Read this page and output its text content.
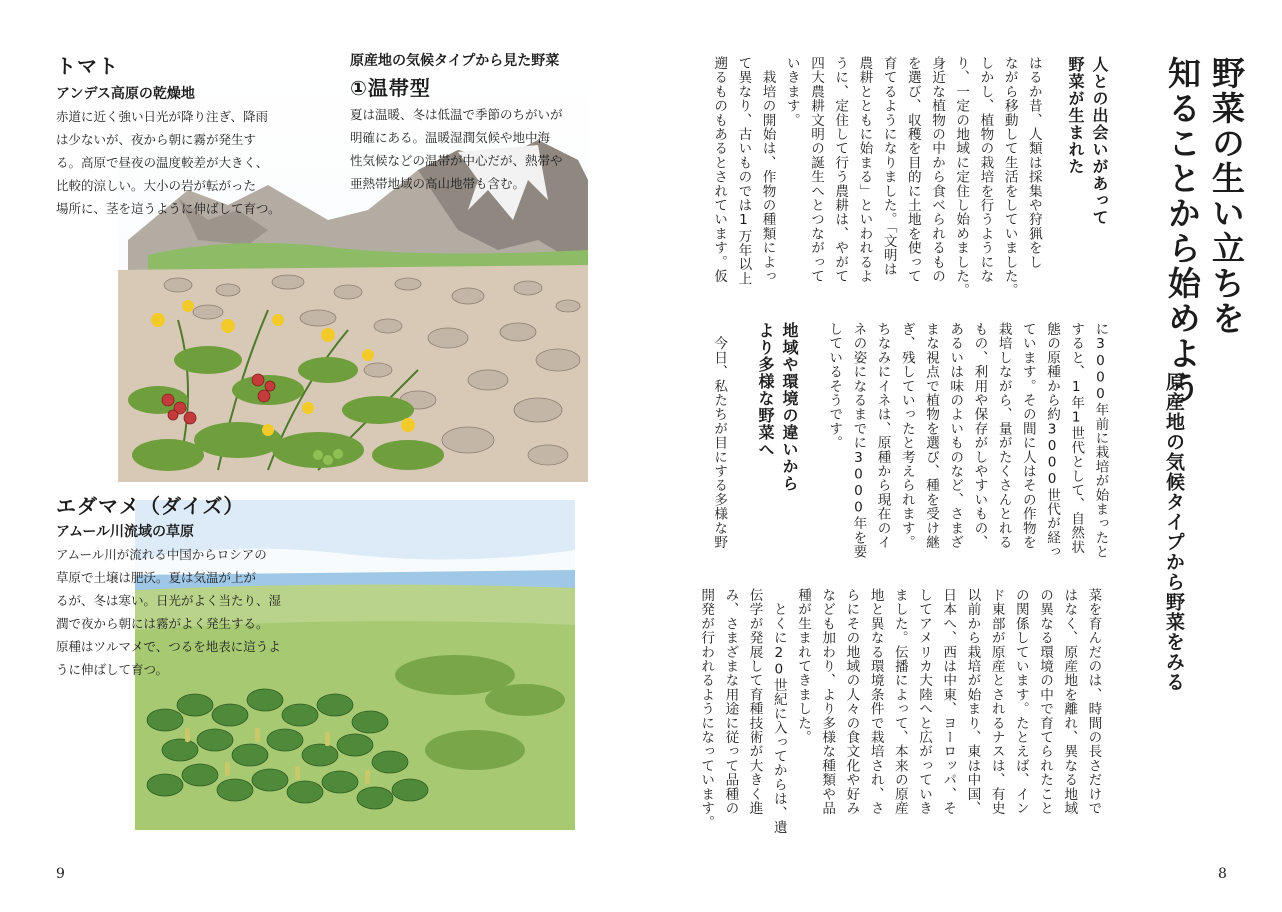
トマト
アンデス高原の乾燥地
赤道に近く強い日光が降り注ぎ、降雨
は少ないが、夜から朝に霧が発生す
る。高原で昼夜の温度較差が大きく、
比較的涼しい。大小の岩が転がった
場所に、茎を這うように伸ばして育つ。
原産地の気候タイプから見た野菜
①温帯型
夏は温暖、冬は低温で季節のちがいが
明確にある。温暖湿潤気候や地中海
性気候などの温帯が中心だが、熱帯や
亜熱帯地域の高山地帯も含む。
エダマメ（ダイズ）
アムール川流域の草原
アムール川が流れる中国からロシアの
草原で土壌は肥沃。夏は気温が上が
るが、冬は寒い。日光がよく当たり、湿
潤で夜から朝には霧がよく発生する。
原種はツルマメで、つるを地表に這うよ
うに伸ばして育つ。
9
野菜の生い立ちを
知ることから始めよう
原産地の気候タイプから野菜をみる
人との出会いがあって
野菜が生まれた
はるか昔、人類は採集や狩猟をし
ながら移動して生活をしていました。
しかし、植物の栽培を行うようにな
り、一定の地域に定住し始めました。
身近な植物の中から食べられるもの
を選び、収穫を目的に土地を使って
育てるようになりました。「文明は
農耕とともに始まる」といわれるよ
うに、定住して行う農耕は、やがて
四大農耕文明の誕生へとつながって
いきます。
　栽培の開始は、作物の種類によっ
て異なり、古いものでは1万年以上
遡るものもあるとされています。仮
に3000年前に栽培が始まったと
すると、1年1世代として、自然状
態の原種から約3000世代が経っ
ています。その間に人はその作物を
栽培しながら、量がたくさんとれる
もの、利用や保存がしやすいもの、
あるいは味のよいものなど、さまざ
まな視点で植物を選び、種を受け継
ぎ、残していったと考えられます。
ちなみにイネは、原種から現在のイ
ネの姿になるまでに3000年を要
しているそうです。
地域や環境の違いから
より多様な野菜へ
　今日、私たちが目にする多様な野
菜を育んだのは、時間の長さだけで
はなく、原産地を離れ、異なる地域
の異なる環境の中で育てられたこと
の関係しています。たとえば、イン
ド東部が原産とされるナスは、有史
以前から栽培が始まり、東は中国、
日本へ、西は中東、ヨーロッパ、そ
してアメリカ大陸へと広がっていき
ました。伝播によって、本来の原産
地と異なる環境条件で栽培され、さ
らにその地域の人々の食文化や好み
なども加わり、より多様な種類や品
種が生まれてきました。
　とくに20世紀に入ってからは、遺
伝学が発展して育種技術が大きく進
み、さまざまな用途に従って品種の
開発が行われるようになっています。
8
